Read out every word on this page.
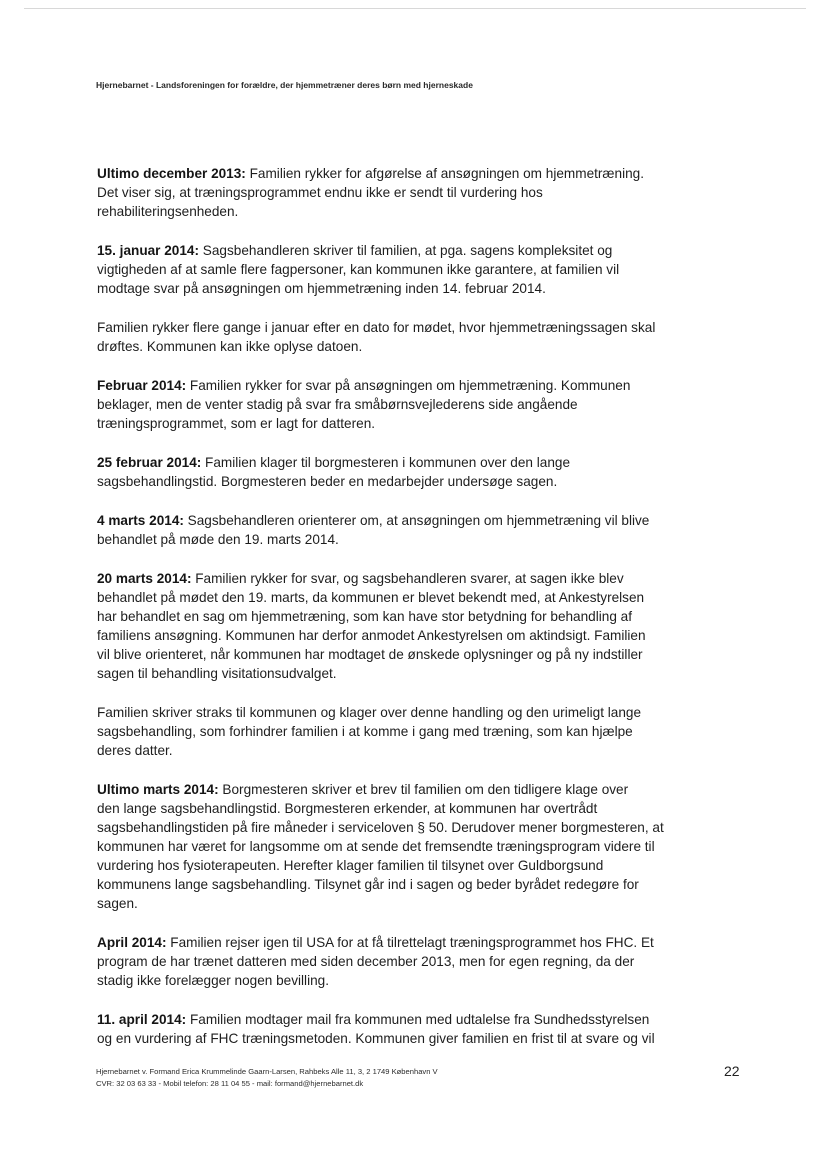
Hjernebarnet - Landsforeningen for forældre, der hjemmetræner deres børn med hjerneskade

Ultimo december 2013: Familien rykker for afgørelse af ansøgningen om hjemmetræning.
Det viser sig, at træningsprogrammet endnu ikke er sendt til vurdering hos
rehabiliteringsenheden.

15. januar 2014: Sagsbehandleren skriver til familien, at pga. sagens kompleksitet og
vigtigheden af at samle flere fagpersoner, kan kommunen ikke garantere, at familien vil
modtage svar på ansøgningen om hjemmetræning inden 14. februar 2014.

Familien rykker flere gange i januar efter en dato for mødet, hvor hjemmetræningssagen skal
drøftes. Kommunen kan ikke oplyse datoen.

Februar 2014: Familien rykker for svar på ansøgningen om hjemmetræning. Kommunen
beklager, men de venter stadig på svar fra småbørnsvejlederens side angående
træningsprogrammet, som er lagt for datteren.

25 februar 2014: Familien klager til borgmesteren i kommunen over den lange
sagsbehandlingstid. Borgmesteren beder en medarbejder undersøge sagen.

4 marts 2014: Sagsbehandleren orienterer om, at ansøgningen om hjemmetræning vil blive
behandlet på møde den 19. marts 2014.

20 marts 2014: Familien rykker for svar, og sagsbehandleren svarer, at sagen ikke blev
behandlet på mødet den 19. marts, da kommunen er blevet bekendt med, at Ankestyrelsen
har behandlet en sag om hjemmetræning, som kan have stor betydning for behandling af
familiens ansøgning. Kommunen har derfor anmodet Ankestyrelsen om aktindsigt. Familien
vil blive orienteret, når kommunen har modtaget de ønskede oplysninger og på ny indstiller
sagen til behandling visitationsudvalget.

Familien skriver straks til kommunen og klager over denne handling og den urimeligt lange
sagsbehandling, som forhindrer familien i at komme i gang med træning, som kan hjælpe
deres datter.

Ultimo marts 2014: Borgmesteren skriver et brev til familien om den tidligere klage over
den lange sagsbehandlingstid. Borgmesteren erkender, at kommunen har overtrådt
sagsbehandlingstiden på fire måneder i serviceloven § 50. Derudover mener borgmesteren, at
kommunen har været for langsomme om at sende det fremsendte træningsprogram videre til
vurdering hos fysioterapeuten. Herefter klager familien til tilsynet over Guldborgsund
kommunens lange sagsbehandling. Tilsynet går ind i sagen og beder byrådet redegøre for
sagen.

April 2014: Familien rejser igen til USA for at få tilrettelagt træningsprogrammet hos FHC. Et
program de har trænet datteren med siden december 2013, men for egen regning, da der
stadig ikke forelægger nogen bevilling.

11. april 2014: Familien modtager mail fra kommunen med udtalelse fra Sundhedsstyrelsen
og en vurdering af FHC træningsmetoden. Kommunen giver familien en frist til at svare og vil

Hjernebarnet v. Formand Erica Krummelinde Gaarn-Larsen, Rahbeks Alle 11, 3, 2 1749 København V
CVR: 32 03 63 33 - Mobil telefon: 28 11 04 55 - mail: formand@hjernebarnet.dk
22
